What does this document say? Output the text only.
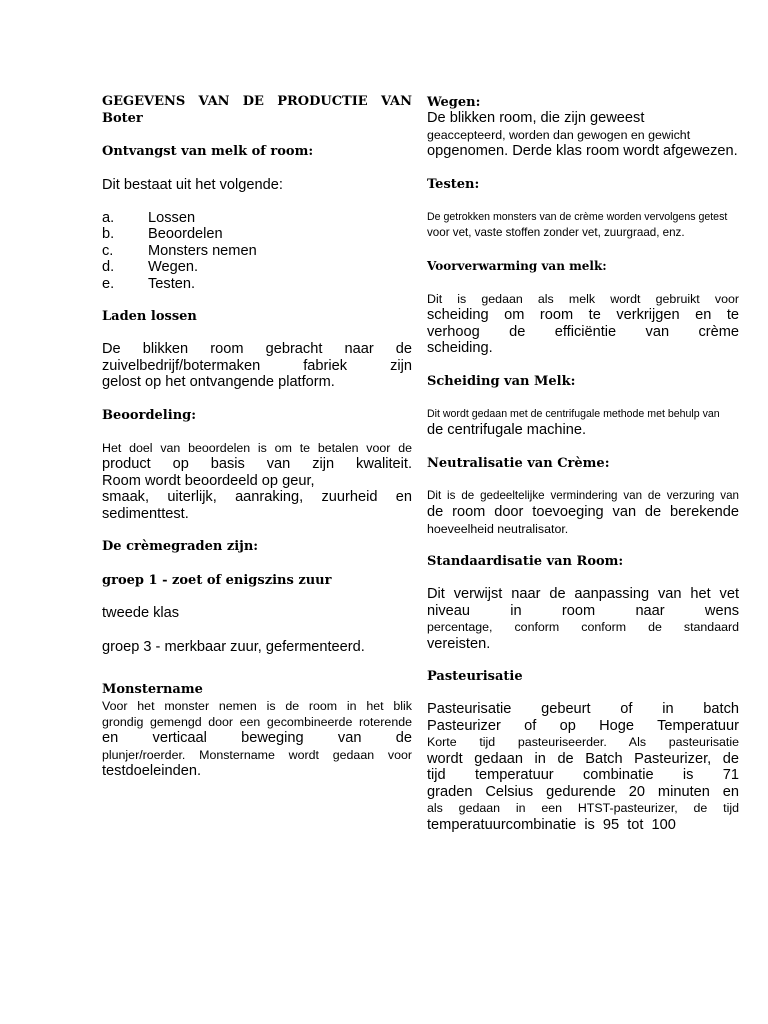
GEGEVENS VAN DE PRODUCTIE VAN
Boter
Ontvangst van melk of room:
Dit bestaat uit het volgende:
a.	Lossen
b.	Beoordelen
c.	Monsters nemen
d.	Wegen.
e.	Testen.
Laden lossen
De blikken room gebracht naar de
zuivelbedrijf/botermaken fabriek zijn
gelost op het ontvangende platform.
Beoordeling:
Het doel van beoordelen is om te betalen voor de
product op basis van zijn kwaliteit.
Room wordt beoordeeld op geur,
smaak, uiterlijk, aanraking, zuurheid en
sedimenttest.
De crèmegraden zijn:
groep 1 - zoet of enigszins zuur
tweede klas
groep 3 - merkbaar zuur, gefermenteerd.
Monstername
Voor het monster nemen is de room in het blik
grondig gemengd door een gecombineerde roterende
en verticaal beweging van de
plunjer/roerder. Monstername wordt gedaan voor
testdoeleinden.
Wegen:
De blikken room, die zijn geweest
geaccepteerd, worden dan gewogen en gewicht
opgenomen. Derde klas room wordt afgewezen.
Testen:
De getrokken monsters van de crème worden vervolgens getest
voor vet, vaste stoffen zonder vet, zuurgraad, enz.
Voorverwarming van melk:
Dit is gedaan als melk wordt gebruikt voor
scheiding om room te verkrijgen en te
verhoog de efficiëntie van crème
scheiding.
Scheiding van Melk:
Dit wordt gedaan met de centrifugale methode met behulp van
de centrifugale machine.
Neutralisatie van Crème:
Dit is de gedeeltelijke vermindering van de verzuring van
de room door toevoeging van de berekende
hoeveelheid neutralisator.
Standaardisatie van Room:
Dit verwijst naar de aanpassing van het vet
niveau in room naar wens
percentage, conform conform de standaard
vereisten.
Pasteurisatie
Pasteurisatie gebeurt of in batch
Pasteurizer of op Hoge Temperatuur
Korte tijd pasteuriseerder. Als pasteurisatie
wordt gedaan in de Batch Pasteurizer, de
tijd temperatuur combinatie is 71
graden Celsius gedurende 20 minuten en
als gedaan in een HTST-pasteurizer, de tijd
temperatuurcombinatie is 95 tot 100
